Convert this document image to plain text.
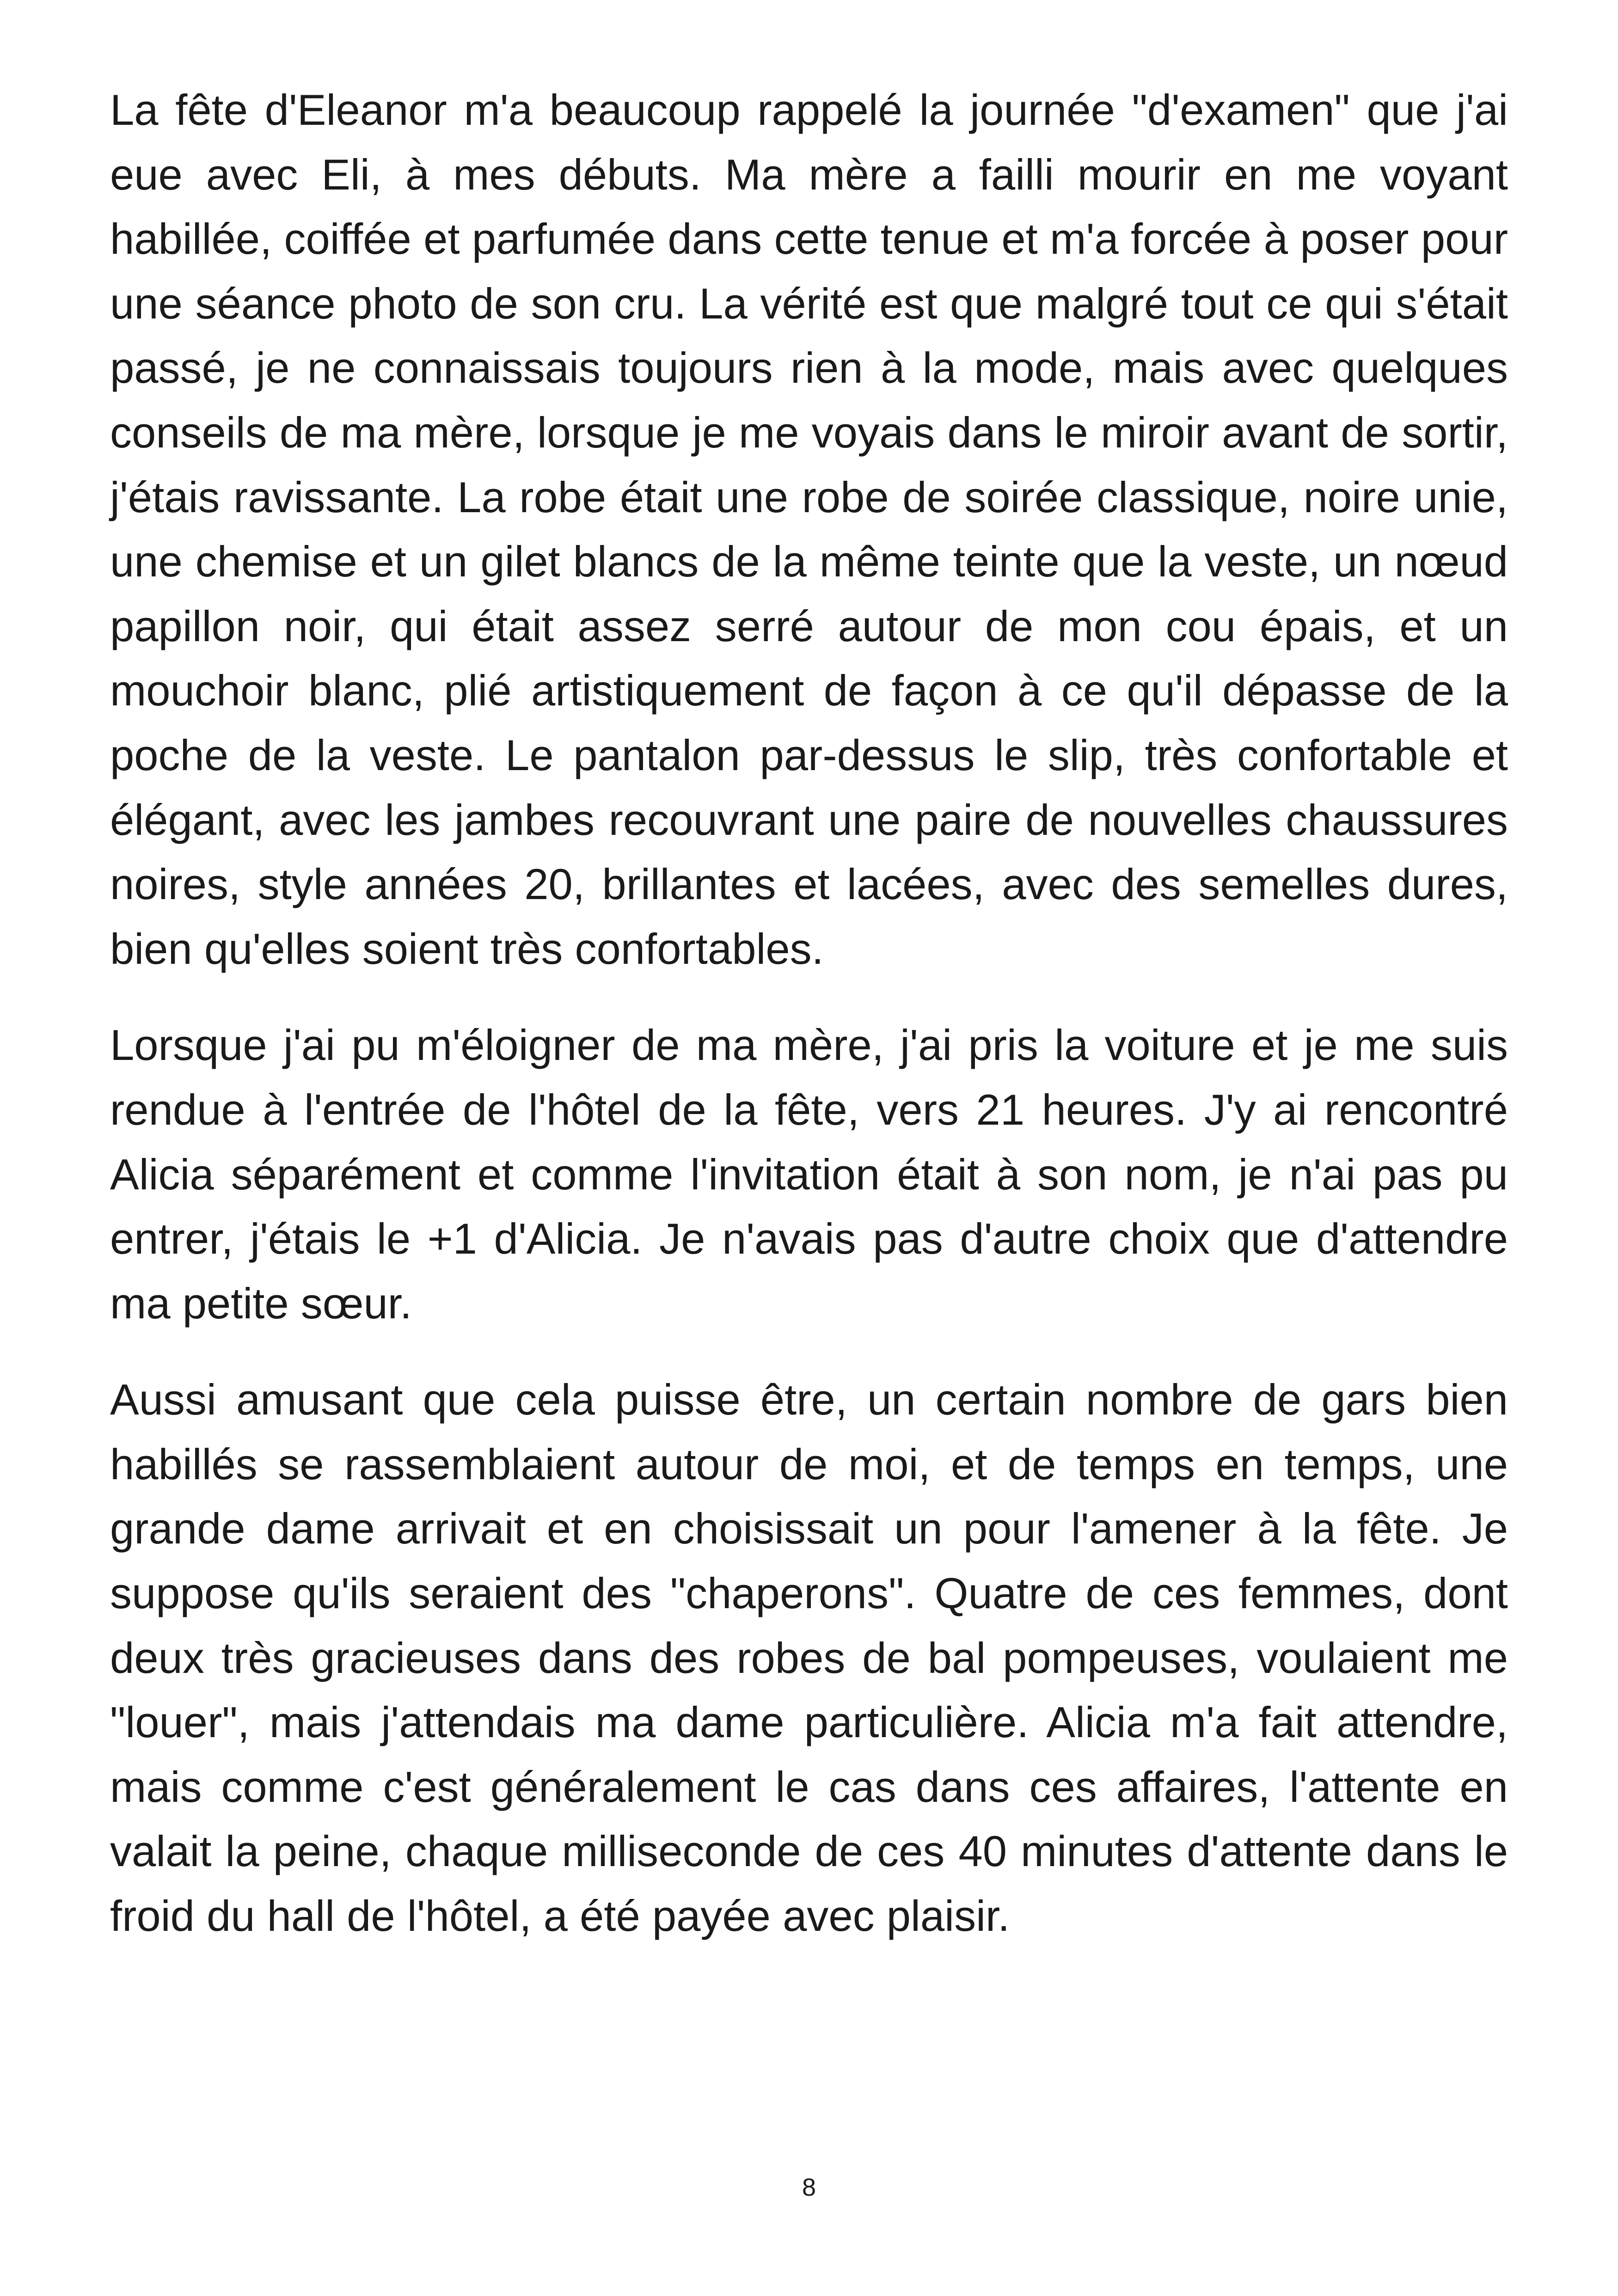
La fête d'Eleanor m'a beaucoup rappelé la journée "d'examen" que j'ai eue avec Eli, à mes débuts. Ma mère a failli mourir en me voyant habillée, coiffée et parfumée dans cette tenue et m'a forcée à poser pour une séance photo de son cru. La vérité est que malgré tout ce qui s'était passé, je ne connaissais toujours rien à la mode, mais avec quelques conseils de ma mère, lorsque je me voyais dans le miroir avant de sortir, j'étais ravissante. La robe était une robe de soirée classique, noire unie, une chemise et un gilet blancs de la même teinte que la veste, un nœud papillon noir, qui était assez serré autour de mon cou épais, et un mouchoir blanc, plié artistiquement de façon à ce qu'il dépasse de la poche de la veste. Le pantalon par-dessus le slip, très confortable et élégant, avec les jambes recouvrant une paire de nouvelles chaussures noires, style années 20, brillantes et lacées, avec des semelles dures, bien qu'elles soient très confortables.

Lorsque j'ai pu m'éloigner de ma mère, j'ai pris la voiture et je me suis rendue à l'entrée de l'hôtel de la fête, vers 21 heures. J'y ai rencontré Alicia séparément et comme l'invitation était à son nom, je n'ai pas pu entrer, j'étais le +1 d'Alicia. Je n'avais pas d'autre choix que d'attendre ma petite sœur.

Aussi amusant que cela puisse être, un certain nombre de gars bien habillés se rassemblaient autour de moi, et de temps en temps, une grande dame arrivait et en choisissait un pour l'amener à la fête. Je suppose qu'ils seraient des "chaperons". Quatre de ces femmes, dont deux très gracieuses dans des robes de bal pompeuses, voulaient me "louer", mais j'attendais ma dame particulière. Alicia m'a fait attendre, mais comme c'est généralement le cas dans ces affaires, l'attente en valait la peine, chaque milliseconde de ces 40 minutes d'attente dans le froid du hall de l'hôtel, a été payée avec plaisir.

8
